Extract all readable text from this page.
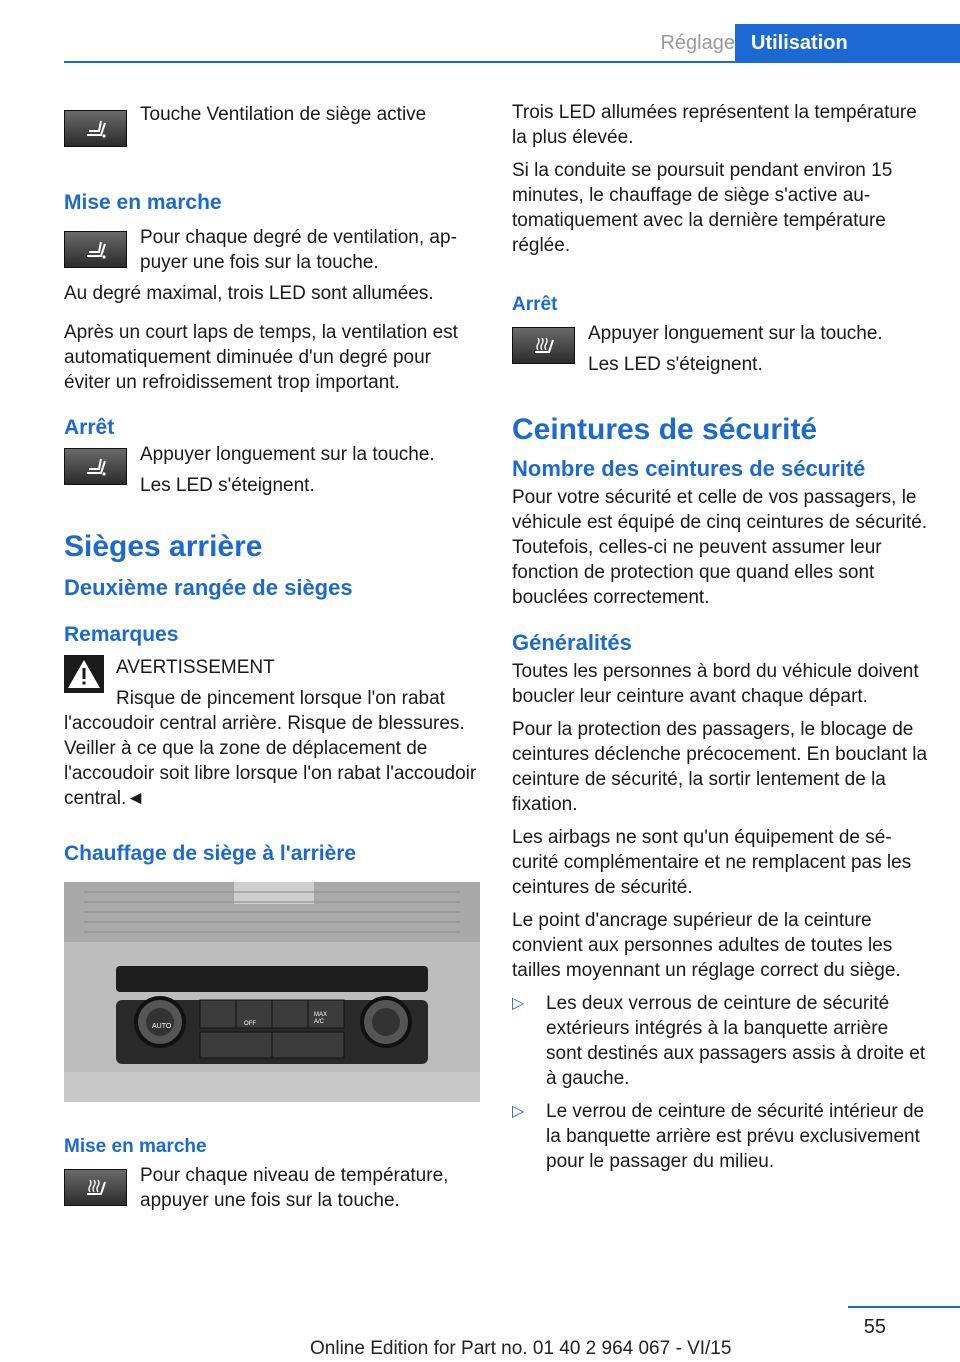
Réglage Utilisation

Touche Ventilation de siège active

Mise en marche

Pour chaque degré de ventilation, appuyer une fois sur la touche.

Au degré maximal, trois LED sont allumées.

Après un court laps de temps, la ventilation est automatiquement diminuée d'un degré pour éviter un refroidissement trop important.

Arrêt

Appuyer longuement sur la touche.

Les LED s'éteignent.

Sièges arrière

Deuxième rangée de sièges

Remarques

AVERTISSEMENT

Risque de pincement lorsque l'on rabat

l'accoudoir central arrière. Risque de blessures. Veiller à ce que la zone de déplacement de l'accoudoir soit libre lorsque l'on rabat l'accoudoir central.◄

Chauffage de siège à l'arrière

AUTO	OFF
MAX
A/C

Mise en marche

Pour chaque niveau de température, appuyer une fois sur la touche.

Trois LED allumées représentent la température la plus élevée.

Si la conduite se poursuit pendant environ 15 minutes, le chauffage de siège s'active automatiquement avec la dernière température réglée.

Arrêt

Appuyer longuement sur la touche.

Les LED s'éteignent.

Ceintures de sécurité

Nombre des ceintures de sécurité

Pour votre sécurité et celle de vos passagers, le véhicule est équipé de cinq ceintures de sécurité. Toutefois, celles-ci ne peuvent assumer leur fonction de protection que quand elles sont bouclées correctement.

Généralités

Toutes les personnes à bord du véhicule doivent boucler leur ceinture avant chaque départ.

Pour la protection des passagers, le blocage de ceintures déclenche précocement. En bouclant la ceinture de sécurité, la sortir lentement de la fixation.

Les airbags ne sont qu'un équipement de sécurité complémentaire et ne remplacent pas les ceintures de sécurité.

Le point d'ancrage supérieur de la ceinture convient aux personnes adultes de toutes les tailles moyennant un réglage correct du siège.

▷ Les deux verrous de ceinture de sécurité extérieurs intégrés à la banquette arrière sont destinés aux passagers assis à droite et à gauche.

▷ Le verrou de ceinture de sécurité intérieur de la banquette arrière est prévu exclusivement pour le passager du milieu.

55
Online Edition for Part no. 01 40 2 964 067 - VI/15
